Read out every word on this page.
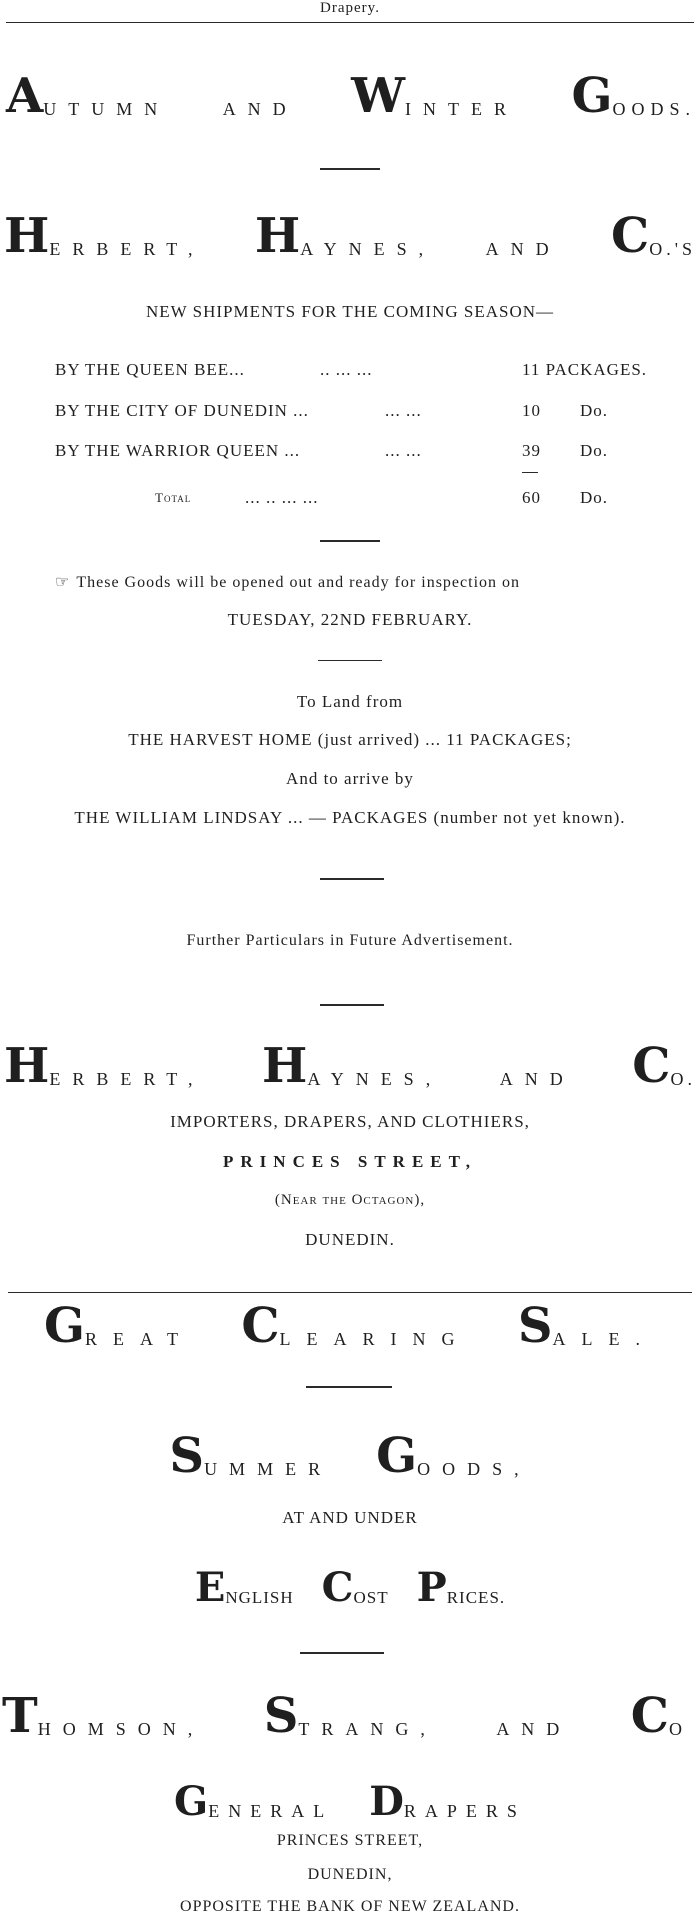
Drapery.
AUTUMN	AND WINTER GOODS.
HERBERT, HAYNES,	AND CO.'S
NEW SHIPMENTS FOR THE COMING SEASON—
BY THE QUEEN BEE...	.. ... ...	11 PACKAGES.
BY THE CITY OF DUNEDIN ...	... ...	10 Do.
BY THE WARRIOR QUEEN ...	... ...	39 Do.
Total	... .. ... ...	60 Do.
☞ These Goods will be opened out and ready for inspection on
TUESDAY, 22ND FEBRUARY.
To Land from
THE HARVEST HOME (just arrived) ... 11 PACKAGES;
And to arrive by
THE WILLIAM LINDSAY ... — PACKAGES (number not yet known).
Further Particulars in Future Advertisement.
HERBERT, HAYNES,	AND CO.
IMPORTERS, DRAPERS, AND CLOTHIERS,
PRINCES STREET,
(Near the Octagon),
DUNEDIN.
GREAT CLEARING SALE.
SUMMER GOODS,
AT AND UNDER
ENGLISH COST PRICES.
THOMSON, STRANG,	AND CO
GENERAL DRAPERS
PRINCES STREET,
DUNEDIN,
OPPOSITE THE BANK OF NEW ZEALAND.
